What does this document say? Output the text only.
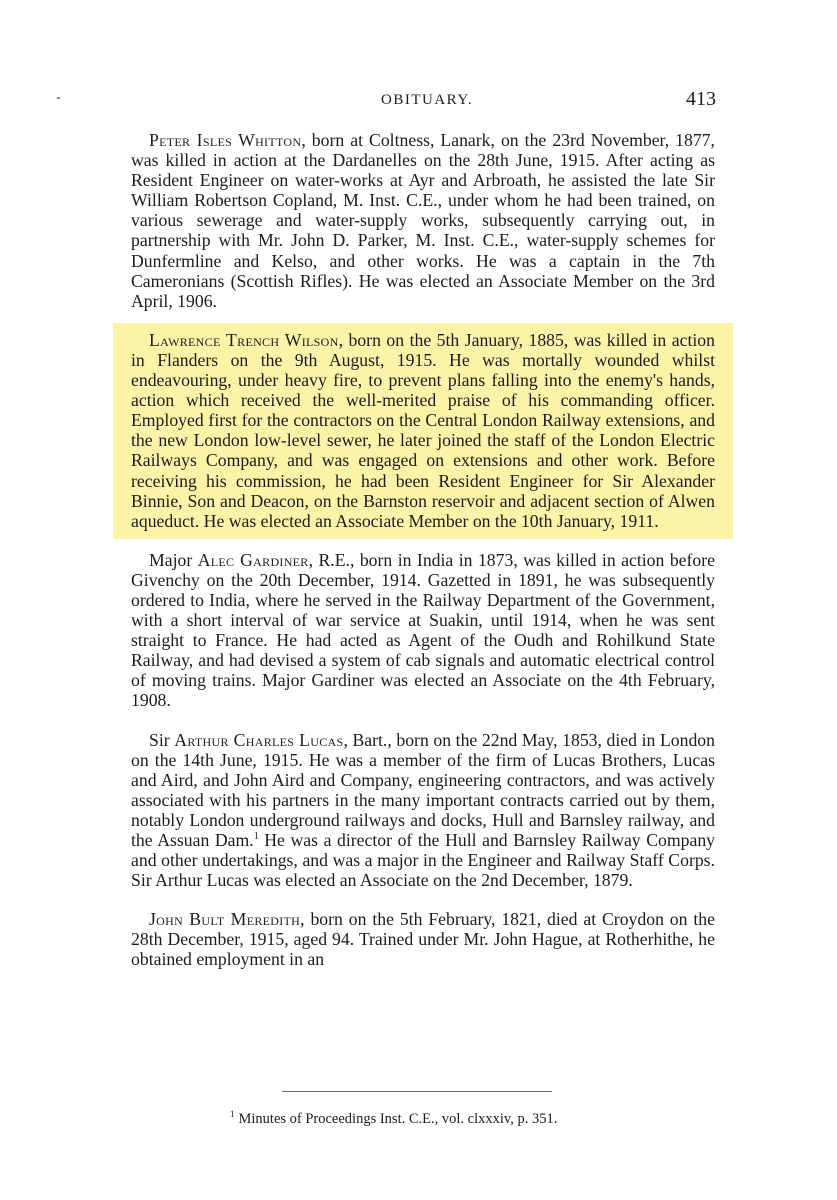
OBITUARY.	413

Peter Isles Whitton, born at Coltness, Lanark, on the 23rd November, 1877, was killed in action at the Dardanelles on the 28th June, 1915. After acting as Resident Engineer on water-works at Ayr and Arbroath, he assisted the late Sir William Robertson Copland, M. Inst. C.E., under whom he had been trained, on various sewerage and water-supply works, subsequently carrying out, in partnership with Mr. John D. Parker, M. Inst. C.E., water-supply schemes for Dunfermline and Kelso, and other works. He was a captain in the 7th Cameronians (Scottish Rifles). He was elected an Associate Member on the 3rd April, 1906.

Lawrence Trench Wilson, born on the 5th January, 1885, was killed in action in Flanders on the 9th August, 1915. He was mortally wounded whilst endeavouring, under heavy fire, to prevent plans falling into the enemy's hands, action which received the well-merited praise of his commanding officer. Employed first for the contractors on the Central London Railway extensions, and the new London low-level sewer, he later joined the staff of the London Electric Railways Company, and was engaged on extensions and other work. Before receiving his commission, he had been Resident Engineer for Sir Alexander Binnie, Son and Deacon, on the Barnston reservoir and adjacent section of Alwen aqueduct. He was elected an Associate Member on the 10th January, 1911.

Major Alec Gardiner, R.E., born in India in 1873, was killed in action before Givenchy on the 20th December, 1914. Gazetted in 1891, he was subsequently ordered to India, where he served in the Railway Department of the Government, with a short interval of war service at Suakin, until 1914, when he was sent straight to France. He had acted as Agent of the Oudh and Rohilkund State Railway, and had devised a system of cab signals and automatic electrical control of moving trains. Major Gardiner was elected an Associate on the 4th February, 1908.

Sir Arthur Charles Lucas, Bart., born on the 22nd May, 1853, died in London on the 14th June, 1915. He was a member of the firm of Lucas Brothers, Lucas and Aird, and John Aird and Company, engineering contractors, and was actively associated with his partners in the many important contracts carried out by them, notably London underground railways and docks, Hull and Barnsley railway, and the Assuan Dam.$^1$ He was a director of the Hull and Barnsley Railway Company and other undertakings, and was a major in the Engineer and Railway Staff Corps. Sir Arthur Lucas was elected an Associate on the 2nd December, 1879.

John Bult Meredith, born on the 5th February, 1821, died at Croydon on the 28th December, 1915, aged 94. Trained under Mr. John Hague, at Rotherhithe, he obtained employment in an

$^1$ Minutes of Proceedings Inst. C.E., vol. clxxxiv, p. 351.
